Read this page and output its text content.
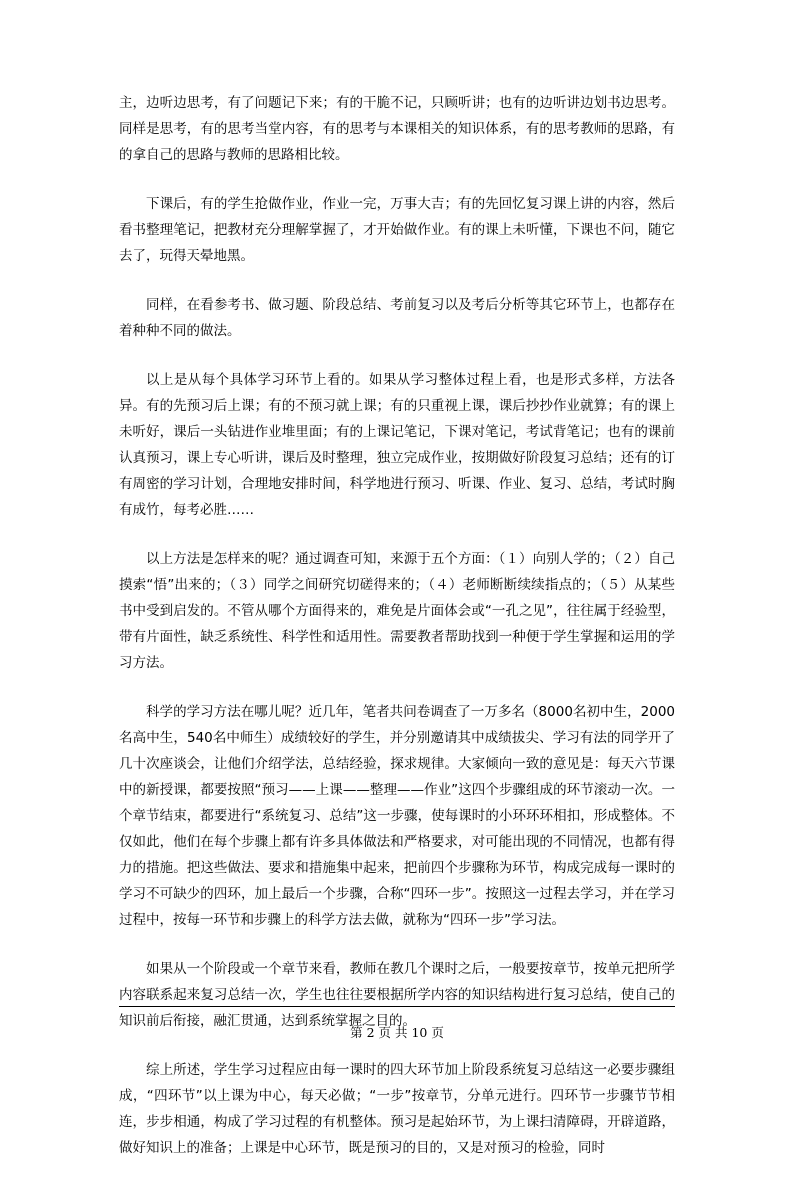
主，边听边思考，有了问题记下来；有的干脆不记，只顾听讲；也有的边听讲边划书边思考。同样是思考，有的思考当堂内容，有的思考与本课相关的知识体系，有的思考教师的思路，有的拿自己的思路与教师的思路相比较。

下课后，有的学生抢做作业，作业一完，万事大吉；有的先回忆复习课上讲的内容，然后看书整理笔记，把教材充分理解掌握了，才开始做作业。有的课上未听懂，下课也不问，随它去了，玩得天晕地黑。

同样，在看参考书、做习题、阶段总结、考前复习以及考后分析等其它环节上，也都存在着种种不同的做法。

以上是从每个具体学习环节上看的。如果从学习整体过程上看，也是形式多样，方法各异。有的先预习后上课；有的不预习就上课；有的只重视上课，课后抄抄作业就算；有的课上未听好，课后一头钻进作业堆里面；有的上课记笔记，下课对笔记，考试背笔记；也有的课前认真预习，课上专心听讲，课后及时整理，独立完成作业，按期做好阶段复习总结；还有的订有周密的学习计划，合理地安排时间，科学地进行预习、听课、作业、复习、总结，考试时胸有成竹，每考必胜……

以上方法是怎样来的呢？通过调查可知，来源于五个方面：（１）向别人学的；（２）自己摸索“悟”出来的；（３）同学之间研究切磋得来的；（４）老师断断续续指点的；（５）从某些书中受到启发的。不管从哪个方面得来的，难免是片面体会或“一孔之见”，往往属于经验型，带有片面性，缺乏系统性、科学性和适用性。需要教者帮助找到一种便于学生掌握和运用的学习方法。

科学的学习方法在哪儿呢？近几年，笔者共问卷调查了一万多名（8000名初中生，2000名高中生，540名中师生）成绩较好的学生，并分别邀请其中成绩拔尖、学习有法的同学开了几十次座谈会，让他们介绍学法，总结经验，探求规律。大家倾向一致的意见是：每天六节课中的新授课，都要按照“预习——上课——整理——作业”这四个步骤组成的环节滚动一次。一个章节结束，都要进行“系统复习、总结”这一步骤，使每课时的小环环环相扣，形成整体。不仅如此，他们在每个步骤上都有许多具体做法和严格要求，对可能出现的不同情况，也都有得力的措施。把这些做法、要求和措施集中起来，把前四个步骤称为环节，构成完成每一课时的学习不可缺少的四环，加上最后一个步骤，合称“四环一步”。按照这一过程去学习，并在学习过程中，按每一环节和步骤上的科学方法去做，就称为“四环一步”学习法。

如果从一个阶段或一个章节来看，教师在教几个课时之后，一般要按章节，按单元把所学内容联系起来复习总结一次，学生也往往要根据所学内容的知识结构进行复习总结，使自己的知识前后衔接，融汇贯通，达到系统掌握之目的。

综上所述，学生学习过程应由每一课时的四大环节加上阶段系统复习总结这一必要步骤组成，“四环节”以上课为中心，每天必做；“一步”按章节，分单元进行。四环节一步骤节节相连，步步相通，构成了学习过程的有机整体。预习是起始环节，为上课扫清障碍，开辟道路，做好知识上的准备；上课是中心环节，既是预习的目的，又是对预习的检验，同时

第 2 页 共 10 页
